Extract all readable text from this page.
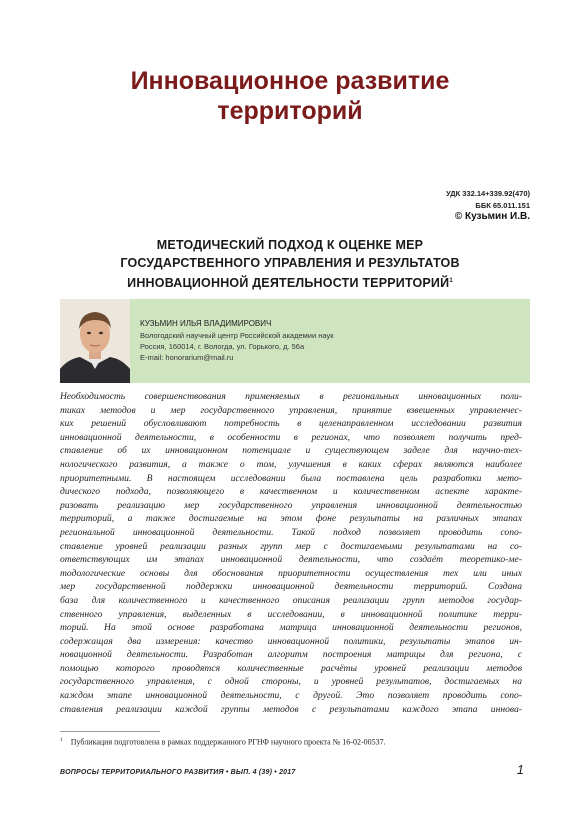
Инновационное развитие территорий
УДК 332.14+339.92(470)
ББК 65.011.151
© Кузьмин И.В.
МЕТОДИЧЕСКИЙ ПОДХОД К ОЦЕНКЕ МЕР
ГОСУДАРСТВЕННОГО УПРАВЛЕНИЯ И РЕЗУЛЬТАТОВ
ИННОВАЦИОННОЙ ДЕЯТЕЛЬНОСТИ ТЕРРИТОРИЙ$^1$
КУЗЬМИН ИЛЬЯ ВЛАДИМИРОВИЧ
Вологодский научный центр Российской академии наук
Россия, 160014, г. Вологда, ул. Горького, д. 56а
E-mail: honorarium@mail.ru
Необходимость совершенствования применяемых в региональных инновационных поли-
тиках методов и мер государственного управления, принятие взвешенных управленчес-
ких решений обусловливают потребность в целенаправленном исследовании развития
инновационной деятельности, в особенности в регионах, что позволяет получить пред-
ставление об их инновационном потенциале и существующем заделе для научно-тех-
нологического развития, а также о том, улучшения в каких сферах являются наиболее
приоритетными. В настоящем исследовании была поставлена цель разработки мето-
дического подхода, позволяющего в качественном и количественном аспекте характе-
ризовать реализацию мер государственного управления инновационной деятельностью
территорий, а также достигаемые на этом фоне результаты на различных этапах
региональной инновационной деятельности. Такой подход позволяет проводить сопо-
ставление уровней реализации разных групп мер с достигаемыми результатами на со-
ответствующих им этапах инновационной деятельности, что создаёт теоретико-ме-
тодологические основы для обоснования приоритетности осуществления тех или иных
мер государственной поддержки инновационной деятельности территорий. Создана
база для количественного и качественного описания реализации групп методов государ-
ственного управления, выделенных в исследовании, в инновационной политике терри-
торий. На этой основе разработана матрица инновационной деятельности регионов,
содержащая два измерения: качество инновационной политики, результаты этапов ин-
новационной деятельности. Разработан алгоритм построения матрицы для региона, с
помощью которого проводятся количественные расчёты уровней реализации методов
государственного управления, с одной стороны, и уровней результатов, достигаемых на
каждом этапе инновационной деятельности, с другой. Это позволяет проводить сопо-
ставления реализации каждой группы методов с результатами каждого этапа иннова-
$^1$ Публикация подготовлена в рамках поддержанного РГНФ научного проекта № 16-02-00537.
ВОПРОСЫ ТЕРРИТОРИАЛЬНОГО РАЗВИТИЯ • ВЫП. 4 (39) • 2017	1
